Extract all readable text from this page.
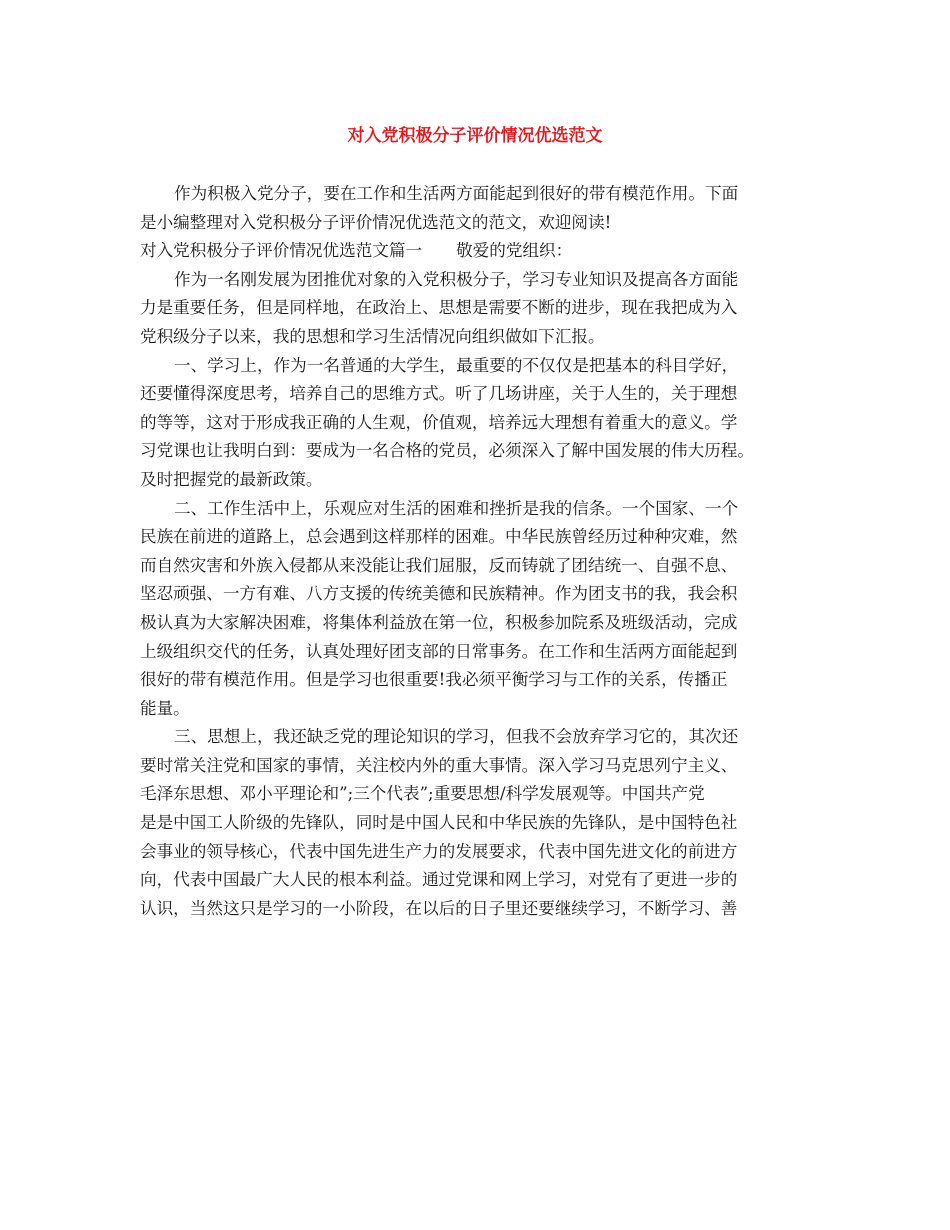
对入党积极分子评价情况优选范文
作为积极入党分子，要在工作和生活两方面能起到很好的带有模范作用。下面
是小编整理对入党积极分子评价情况优选范文的范文，欢迎阅读!
对入党积极分子评价情况优选范文篇一 敬爱的党组织：
作为一名刚发展为团推优对象的入党积极分子，学习专业知识及提高各方面能
力是重要任务，但是同样地，在政治上、思想是需要不断的进步，现在我把成为入
党积级分子以来，我的思想和学习生活情况向组织做如下汇报。
一、学习上，作为一名普通的大学生，最重要的不仅仅是把基本的科目学好，
还要懂得深度思考，培养自己的思维方式。听了几场讲座，关于人生的，关于理想
的等等，这对于形成我正确的人生观，价值观，培养远大理想有着重大的意义。学
习党课也让我明白到：要成为一名合格的党员，必须深入了解中国发展的伟大历程。
及时把握党的最新政策。
二、工作生活中上，乐观应对生活的困难和挫折是我的信条。一个国家、一个
民族在前进的道路上，总会遇到这样那样的困难。中华民族曾经历过种种灾难，然
而自然灾害和外族入侵都从来没能让我们屈服，反而铸就了团结统一、自强不息、
坚忍顽强、一方有难、八方支援的传统美德和民族精神。作为团支书的我，我会积
极认真为大家解决困难，将集体利益放在第一位，积极参加院系及班级活动，完成
上级组织交代的任务，认真处理好团支部的日常事务。在工作和生活两方面能起到
很好的带有模范作用。但是学习也很重要!我必须平衡学习与工作的关系，传播正
能量。
三、思想上，我还缺乏党的理论知识的学习，但我不会放弃学习它的，其次还
要时常关注党和国家的事情，关注校内外的重大事情。深入学习马克思列宁主义、
毛泽东思想、邓小平理论和”;三个代表”;重要思想/科学发展观等。中国共产党
是是中国工人阶级的先锋队，同时是中国人民和中华民族的先锋队，是中国特色社
会事业的领导核心，代表中国先进生产力的发展要求，代表中国先进文化的前进方
向，代表中国最广大人民的根本利益。通过党课和网上学习，对党有了更进一步的
认识，当然这只是学习的一小阶段，在以后的日子里还要继续学习，不断学习、善
